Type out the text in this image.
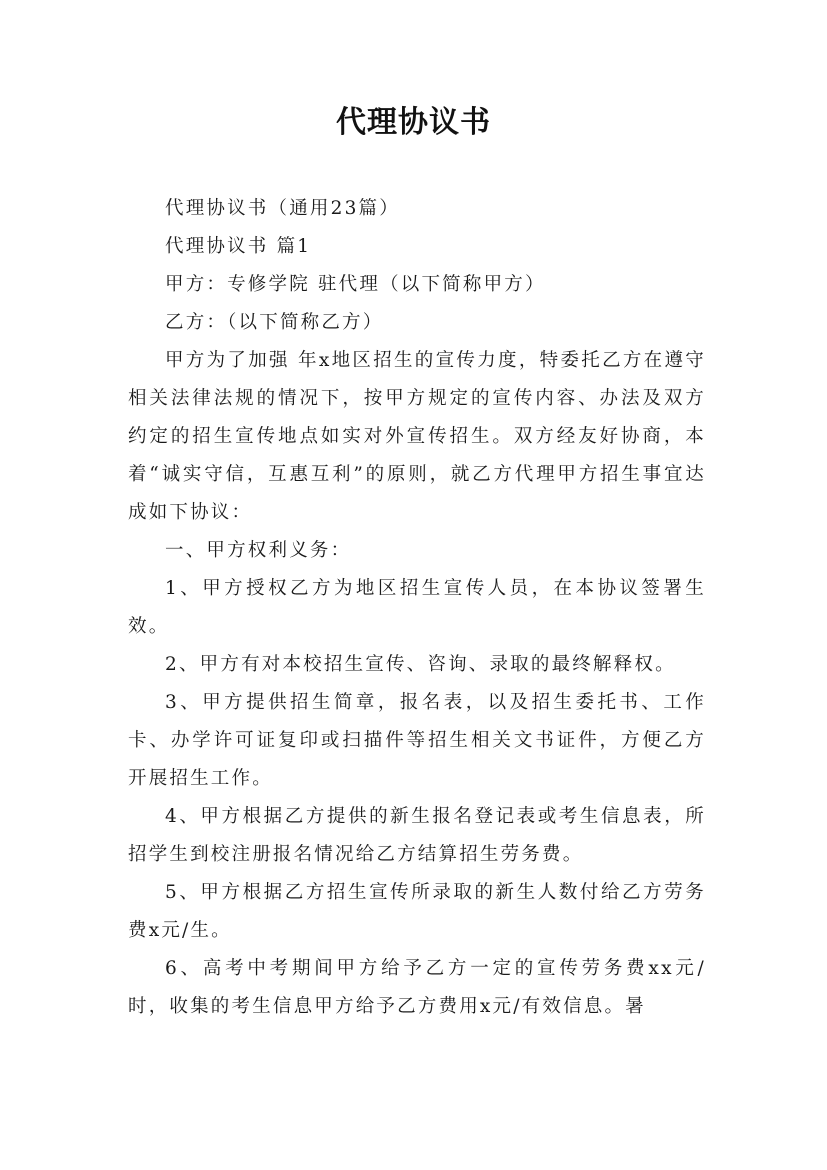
代理协议书

代理协议书（通用23篇）

代理协议书 篇1

甲方：专修学院 驻代理（以下简称甲方）

乙方：（以下简称乙方）

甲方为了加强 年x地区招生的宣传力度，特委托乙方在遵守相关法律法规的情况下，按甲方规定的宣传内容、办法及双方约定的招生宣传地点如实对外宣传招生。双方经友好协商，本着“诚实守信，互惠互利”的原则，就乙方代理甲方招生事宜达成如下协议：

一、甲方权利义务：

1、甲方授权乙方为地区招生宣传人员，在本协议签署生效。

2、甲方有对本校招生宣传、咨询、录取的最终解释权。

3、甲方提供招生简章，报名表，以及招生委托书、工作卡、办学许可证复印或扫描件等招生相关文书证件，方便乙方开展招生工作。

4、甲方根据乙方提供的新生报名登记表或考生信息表，所招学生到校注册报名情况给乙方结算招生劳务费。

5、甲方根据乙方招生宣传所录取的新生人数付给乙方劳务费x元/生。

6、高考中考期间甲方给予乙方一定的宣传劳务费xx元/时，收集的考生信息甲方给予乙方费用x元/有效信息。暑
